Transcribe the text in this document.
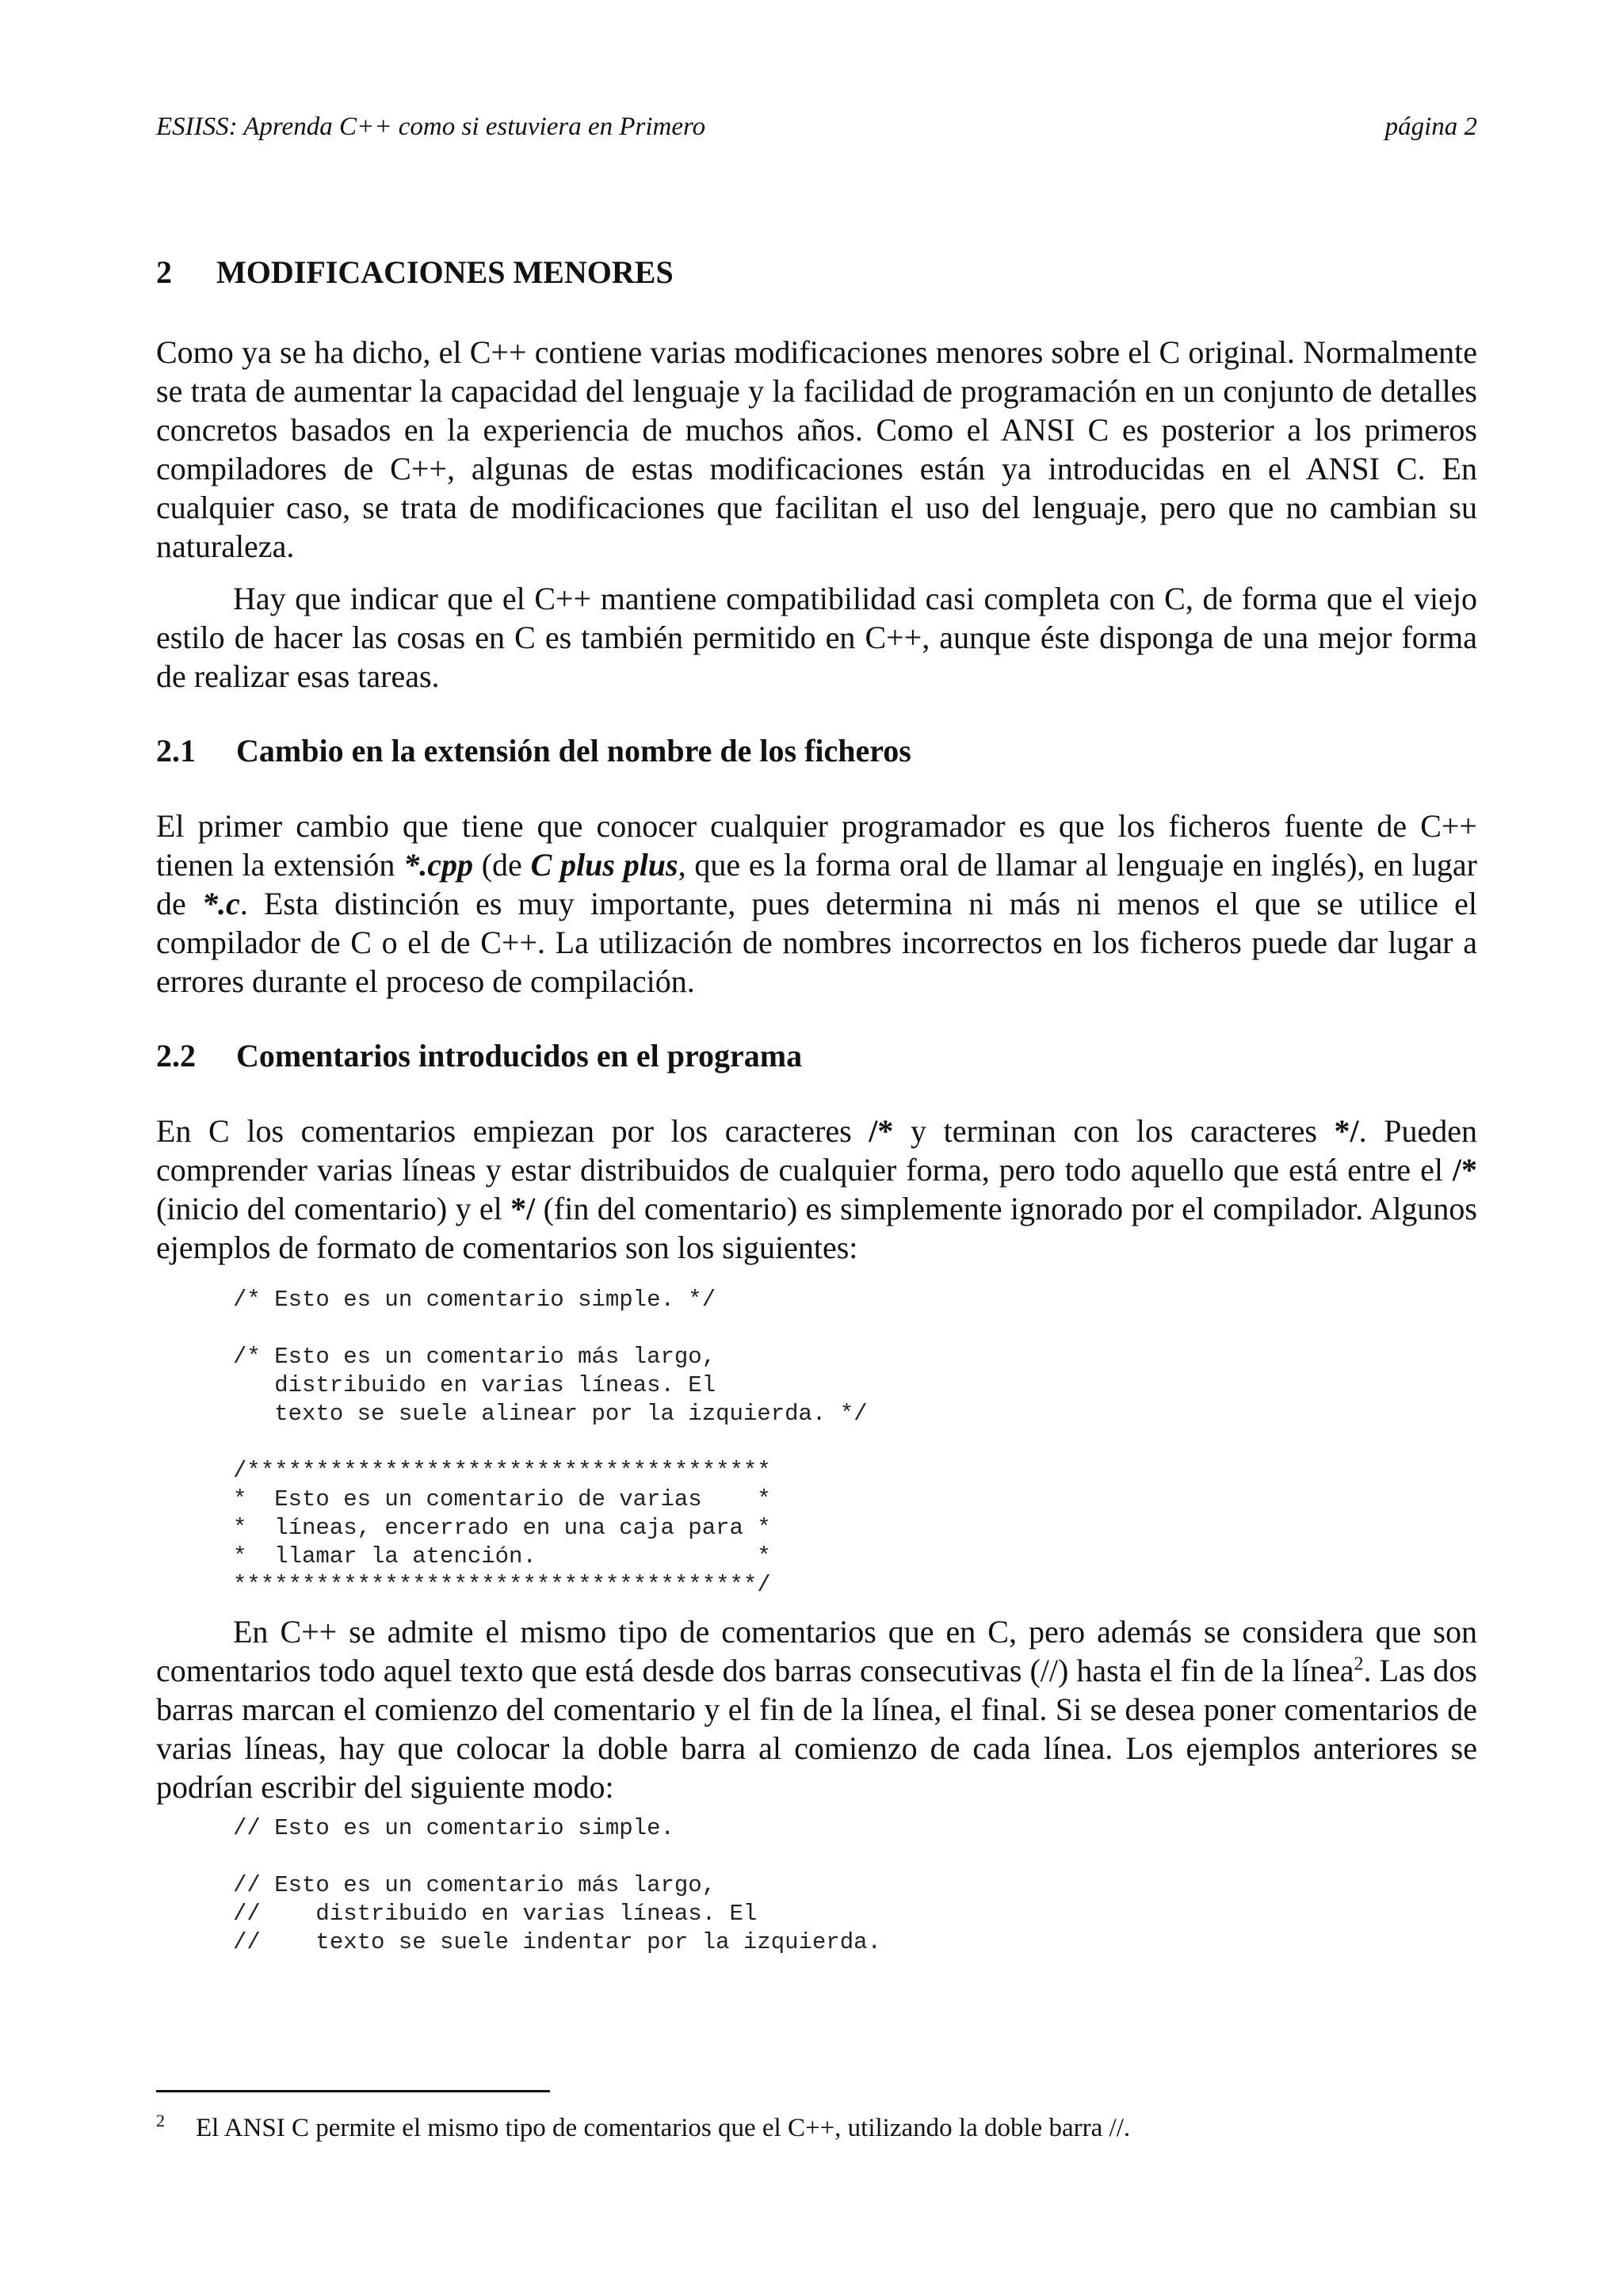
ESIISS: Aprenda C++ como si estuviera en Primero	página 2
2 MODIFICACIONES MENORES

Como ya se ha dicho, el C++ contiene varias modificaciones menores sobre el C original. Normalmente se trata de aumentar la capacidad del lenguaje y la facilidad de programación en un conjunto de detalles concretos basados en la experiencia de muchos años. Como el ANSI C es posterior a los primeros compiladores de C++, algunas de estas modificaciones están ya introducidas en el ANSI C. En cualquier caso, se trata de modificaciones que facilitan el uso del lenguaje, pero que no cambian su naturaleza.

Hay que indicar que el C++ mantiene compatibilidad casi completa con C, de forma que el viejo estilo de hacer las cosas en C es también permitido en C++, aunque éste disponga de una mejor forma de realizar esas tareas.

2.1 Cambio en la extensión del nombre de los ficheros

El primer cambio que tiene que conocer cualquier programador es que los ficheros fuente de C++ tienen la extensión *.cpp (de C plus plus, que es la forma oral de llamar al lenguaje en inglés), en lugar de *.c. Esta distinción es muy importante, pues determina ni más ni menos el que se utilice el compilador de C o el de C++. La utilización de nombres incorrectos en los ficheros puede dar lugar a errores durante el proceso de compilación.

2.2 Comentarios introducidos en el programa

En C los comentarios empiezan por los caracteres /* y terminan con los caracteres */. Pueden comprender varias líneas y estar distribuidos de cualquier forma, pero todo aquello que está entre el /* (inicio del comentario) y el */ (fin del comentario) es simplemente ignorado por el compilador. Algunos ejemplos de formato de comentarios son los siguientes:

/* Esto es un comentario simple. */
/* Esto es un comentario más largo,
distribuido en varias líneas. El
texto se suele alinear por la izquierda. */
/**************************************
*  Esto es un comentario de varias    *
*  líneas, encerrado en una caja para *
*  llamar la atención.                *
**************************************/

En C++ se admite el mismo tipo de comentarios que en C, pero además se considera que son comentarios todo aquel texto que está desde dos barras consecutivas (//) hasta el fin de la línea$^2$. Las dos barras marcan el comienzo del comentario y el fin de la línea, el final. Si se desea poner comentarios de varias líneas, hay que colocar la doble barra al comienzo de cada línea. Los ejemplos anteriores se podrían escribir del siguiente modo:

// Esto es un comentario simple.
// Esto es un comentario más largo,
//    distribuido en varias líneas. El
//    texto se suele indentar por la izquierda.
2	El ANSI C permite el mismo tipo de comentarios que el C++, utilizando la doble barra //.
